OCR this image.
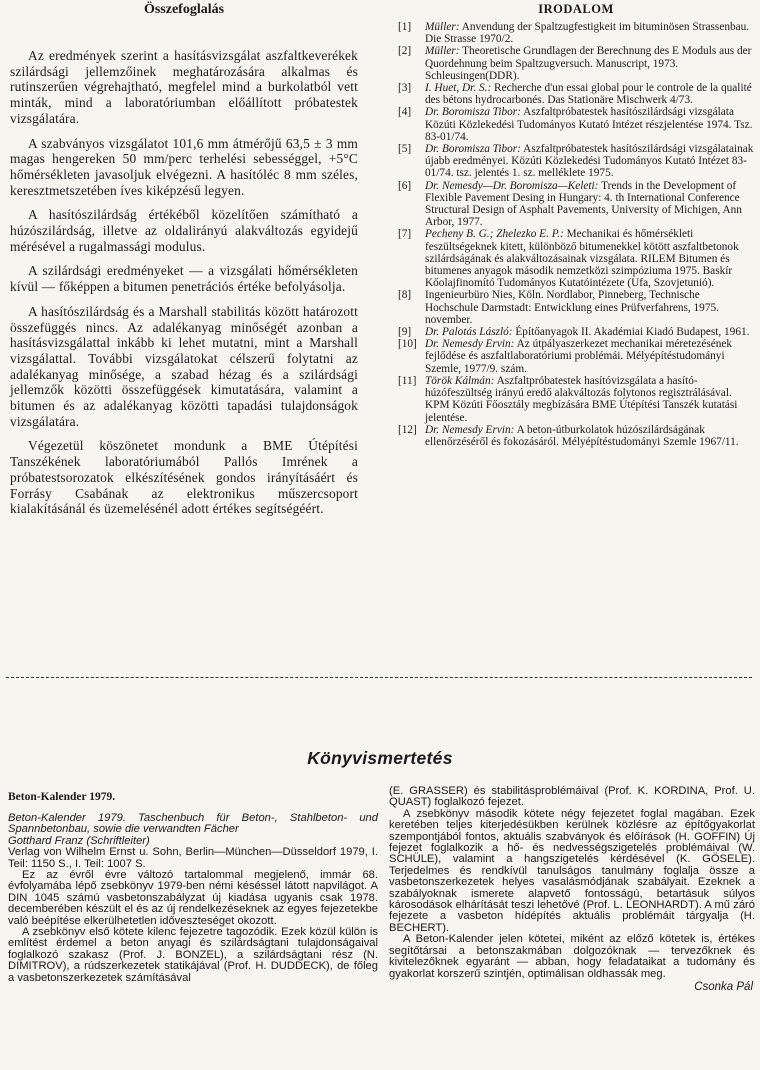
Összefoglalás

Az eredmények szerint a hasításvizsgálat aszfaltkeverékek szilárdsági jellemzőinek meghatározására alkalmas és rutinszerűen végrehajtható, megfelel mind a burkolatból vett minták, mind a laboratóriumban előállított próbatestek vizsgálatára.

A szabványos vizsgálatot 101,6 mm átmérőjű 63,5 ± 3 mm magas hengereken 50 mm/perc terhelési sebességgel, +5°C hőmérsékleten javasoljuk elvégezni. A hasítóléc 8 mm széles, keresztmetszetében íves kiképzésű legyen.

A hasítószilárdság értékéből közelítően számítható a húzószilárdság, illetve az oldalirányú alakváltozás egyidejű mérésével a rugalmassági modulus.

A szilárdsági eredményeket — a vizsgálati hőmérsékleten kívül — főképpen a bitumen penetrációs értéke befolyásolja.

A hasítószilárdság és a Marshall stabilitás között határozott összefüggés nincs. Az adalékanyag minőségét azonban a hasításvizsgálattal inkább ki lehet mutatni, mint a Marshall vizsgálattal. További vizsgálatokat célszerű folytatni az adalékanyag minősége, a szabad hézag és a szilárdsági jellemzők közötti összefüggések kimutatására, valamint a bitumen és az adalékanyag közötti tapadási tulajdonságok vizsgálatára.

Végezetül köszönetet mondunk a BME Útépítési Tanszékének laboratóriumából Pallós Imrének a próbatestsorozatok elkészítésének gondos irányításáért és Forrásy Csabának az elektronikus műszercsoport kialakításánál és üzemelésénél adott értékes segítségéért.

IRODALOM
[1]	Müller: Anvendung der Spaltzugfestigkeit im bituminösen Strassenbau. Die Strasse 1970/2.
[2]	Müller: Theoretische Grundlagen der Berechnung des E Moduls aus der Quordehnung beim Spaltzugversuch. Manuscript, 1973. Schleusingen(DDR).
[3]	I. Huet, Dr. S.: Recherche d'un essai global pour le controle de la qualité des bétons hydrocarbonés. Das Stationäre Mischwerk 4/73.
[4]	Dr. Boromisza Tibor: Aszfaltpróbatestek hasítószilárdsági vizsgálata Közúti Közlekedési Tudományos Kutató Intézet részjelentése 1974. Tsz. 83-01/74.
[5]	Dr. Boromisza Tibor: Aszfaltpróbatestek hasítószilárdsági vizsgálatainak újabb eredményei. Közúti Közlekedési Tudományos Kutató Intézet 83-01/74. tsz. jelentés 1. sz. melléklete 1975.
[6]	Dr. Nemesdy—Dr. Boromisza—Keleti: Trends in the Development of Flexible Pavement Desing in Hungary: 4. th International Conference Structural Design of Asphalt Pavements, University of Michigen, Ann Arbor, 1977.
[7]	Pecheny B. G.; Zhelezko E. P.: Mechanikai és hőmérsékleti feszültségeknek kitett, különböző bitumenekkel kötött aszfaltbetonok szilárdságának és alakváltozásainak vizsgálata. RILEM Bitumen és bitumenes anyagok második nemzetközi szimpóziuma 1975. Baskír Kőolajfinomító Tudományos Kutatóintézete (Ufa, Szovjetunió).
[8]	Ingenieurbüro Nies, Köln. Nordlabor, Pinneberg, Technische Hochschule Darmstadt: Entwicklung eines Prüfverfahrens, 1975. november.
[9]	Dr. Palotás László: Építőanyagok II. Akadémiai Kiadó Budapest, 1961.
[10] Dr. Nemesdy Ervin: Az útpályaszerkezet mechanikai méretezésének fejlődése és aszfaltlaboratóriumi problémái. Mélyépítéstudományi Szemle, 1977/9. szám.
[11] Török Kálmán: Aszfaltpróbatestek hasítóvizsgálata a hasító-húzófeszültség irányú eredő alakváltozás folytonos regisztrálásával. KPM Közúti Főosztály megbízására BME Útépítési Tanszék kutatási jelentése.
[12] Dr. Nemesdy Ervin: A beton-útburkolatok húzószilárdságának ellenőrzéséről és fokozásáról. Mélyépítéstudományi Szemle 1967/11.
Könyvismertetés

Beton-Kalender 1979.

Beton-Kalender 1979. Taschenbuch für Beton-, Stahlbeton- und Spannbetonbau, sowie die verwandten Fächer

Gotthard Franz (Schriftleiter)

Verlag von Wilhelm Ernst u. Sohn, Berlin—München—Düsseldorf 1979, I. Teil: 1150 S., I. Teil: 1007 S.

Ez az évről évre változó tartalommal megjelenő, immár 68. évfolyamába lépő zsebkönyv 1979-ben némi késéssel látott napvilágot. A DIN 1045 számú vasbetonszabályzat új kiadása ugyanis csak 1978. decemberében készült el és az új rendelkezéseknek az egyes fejezetekbe való beépítése elkerülhetetlen időveszteséget okozott.

A zsebkönyv első kötete kilenc fejezetre tagozódik. Ezek közül külön is említést érdemel a beton anyagi és szilárdságtani tulajdonságaival foglalkozó szakasz (Prof. J. BONZEL), a szilárdságtani rész (N. DIMITROV), a rúdszerkezetek statikájával (Prof. H. DUDDECK), de főleg a vasbetonszerkezetek számításával

(E. GRASSER) és stabilitásproblémáival (Prof. K. KORDINA, Prof. U. QUAST) foglalkozó fejezet.

A zsebkönyv második kötete négy fejezetet foglal magában. Ezek keretében teljes kiterjedésükben kerülnek közlésre az építőgyakorlat szempontjából fontos, aktuális szabványok és előírások (H. GOFFIN) Új fejezet foglalkozik a hő- és nedvességszigetelés problémáival (W. SCHÜLE), valamint a hangszigetelés kérdésével (K. GÖSELE). Terjedelmes és rendkívül tanulságos tanulmány foglalja össze a vasbetonszerkezetek helyes vasalásmódjának szabályait. Ezeknek a szabályoknak ismerete alapvető fontosságú, betartásuk súlyos károsodások elhárítását teszi lehetővé (Prof. L. LEONHARDT). A mű záró fejezete a vasbeton hídépítés aktuális problémáit tárgyalja (H. BECHERT).

A Beton-Kalender jelen kötetei, miként az előző kötetek is, értékes segítőtársai a betonszakmában dolgozóknak — tervezőknek és kivitelezőknek egyaránt — abban, hogy feladataikat a tudomány és gyakorlat korszerű szintjén, optimálisan oldhassák meg.

Csonka Pál
